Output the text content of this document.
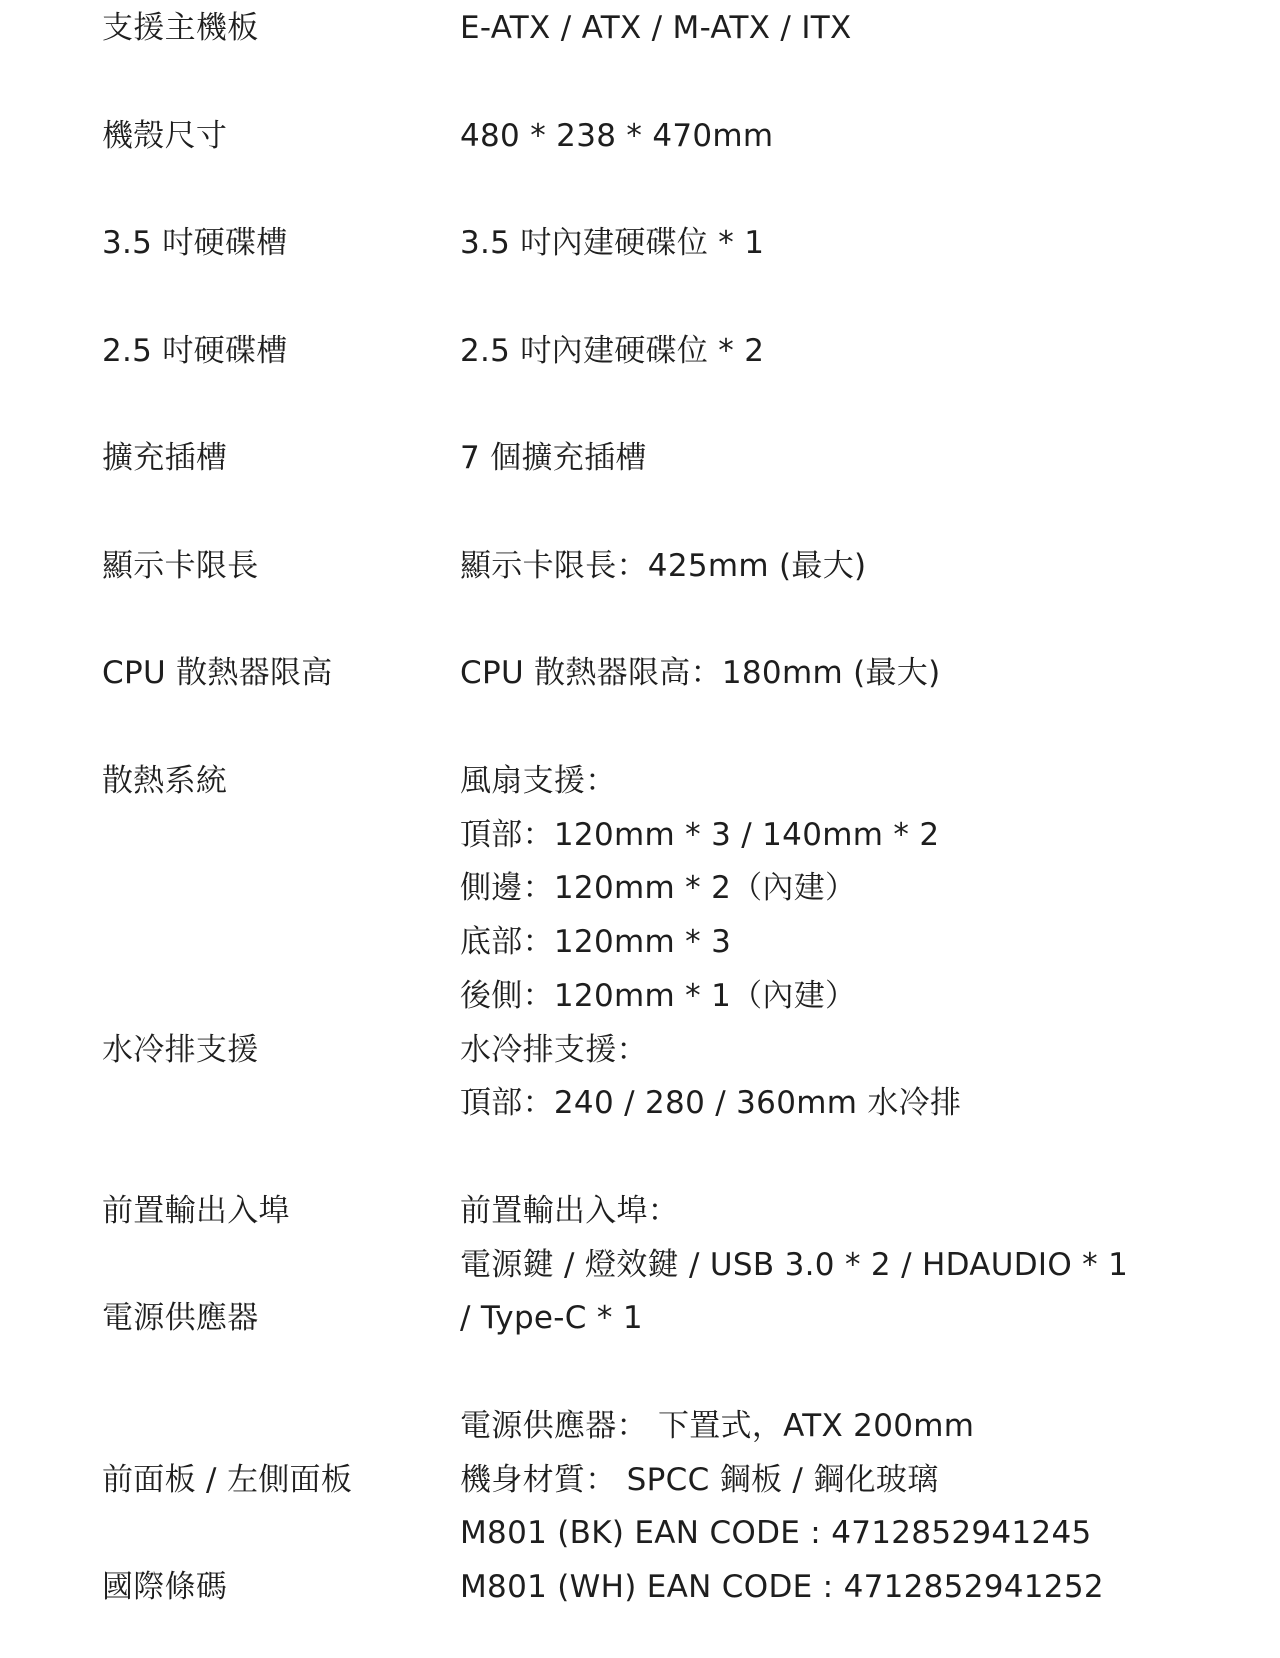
支援主機板
機殼尺寸
3.5 吋硬碟槽
2.5 吋硬碟槽
擴充插槽
顯示卡限長
CPU 散熱器限高
散熱系統
水冷排支援
前置輸出入埠
電源供應器
前面板 / 左側面板
國際條碼
E-ATX / ATX / M-ATX / ITX
480 * 238 * 470mm
3.5 吋內建硬碟位 * 1
2.5 吋內建硬碟位 * 2
7 個擴充插槽
顯示卡限長：425mm (最大)
CPU 散熱器限高：180mm (最大)
風扇支援：
頂部：120mm * 3 / 140mm * 2
側邊：120mm * 2（內建）
底部：120mm * 3
後側：120mm * 1（內建）
水冷排支援：
頂部：240 / 280 / 360mm 水冷排
前置輸出入埠：
電源鍵 / 燈效鍵 / USB 3.0 * 2 / HDAUDIO * 1
/ Type-C * 1
電源供應器： 下置式，ATX 200mm
機身材質： SPCC 鋼板 / 鋼化玻璃
M801 (BK) EAN CODE : 4712852941245
M801 (WH) EAN CODE : 4712852941252
